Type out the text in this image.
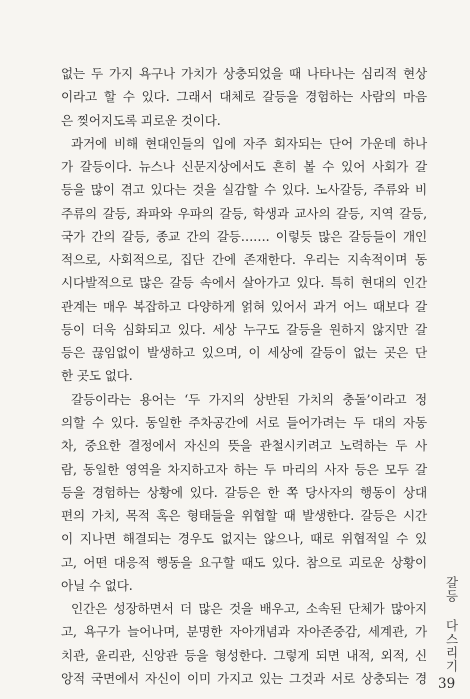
없는 두 가지 욕구나 가치가 상충되었을 때 나타나는 심리적 현상
이라고 할 수 있다. 그래서 대체로 갈등을 경험하는 사람의 마음
은 찢어지도록 괴로운 것이다.
과거에 비해 현대인들의 입에 자주 회자되는 단어 가운데 하나
가 갈등이다. 뉴스나 신문지상에서도 흔히 볼 수 있어 사회가 갈
등을 많이 겪고 있다는 것을 실감할 수 있다. 노사갈등, 주류와 비
주류의 갈등, 좌파와 우파의 갈등, 학생과 교사의 갈등, 지역 갈등,
국가 간의 갈등, 종교 간의 갈등……. 이렇듯 많은 갈등들이 개인
적으로, 사회적으로, 집단 간에 존재한다. 우리는 지속적이며 동
시다발적으로 많은 갈등 속에서 살아가고 있다. 특히 현대의 인간
관계는 매우 복잡하고 다양하게 얽혀 있어서 과거 어느 때보다 갈
등이 더욱 심화되고 있다. 세상 누구도 갈등을 원하지 않지만 갈
등은 끊임없이 발생하고 있으며, 이 세상에 갈등이 없는 곳은 단
한 곳도 없다.
갈등이라는 용어는 ‘두 가지의 상반된 가치의 충돌’이라고 정
의할 수 있다. 동일한 주차공간에 서로 들어가려는 두 대의 자동
차, 중요한 결정에서 자신의 뜻을 관철시키려고 노력하는 두 사
람, 동일한 영역을 차지하고자 하는 두 마리의 사자 등은 모두 갈
등을 경험하는 상황에 있다. 갈등은 한 쪽 당사자의 행동이 상대
편의 가치, 목적 혹은 형태들을 위협할 때 발생한다. 갈등은 시간
이 지나면 해결되는 경우도 없지는 않으나, 때로 위협적일 수 있
고, 어떤 대응적 행동을 요구할 때도 있다. 참으로 괴로운 상황이
아닐 수 없다.
인간은 성장하면서 더 많은 것을 배우고, 소속된 단체가 많아지
고, 욕구가 늘어나며, 분명한 자아개념과 자아존중감, 세계관, 가
치관, 윤리관, 신앙관 등을 형성한다. 그렇게 되면 내적, 외적, 신
앙적 국면에서 자신이 이미 가지고 있는 그것과 서로 상충되는 경
갈등 다스리기
39
